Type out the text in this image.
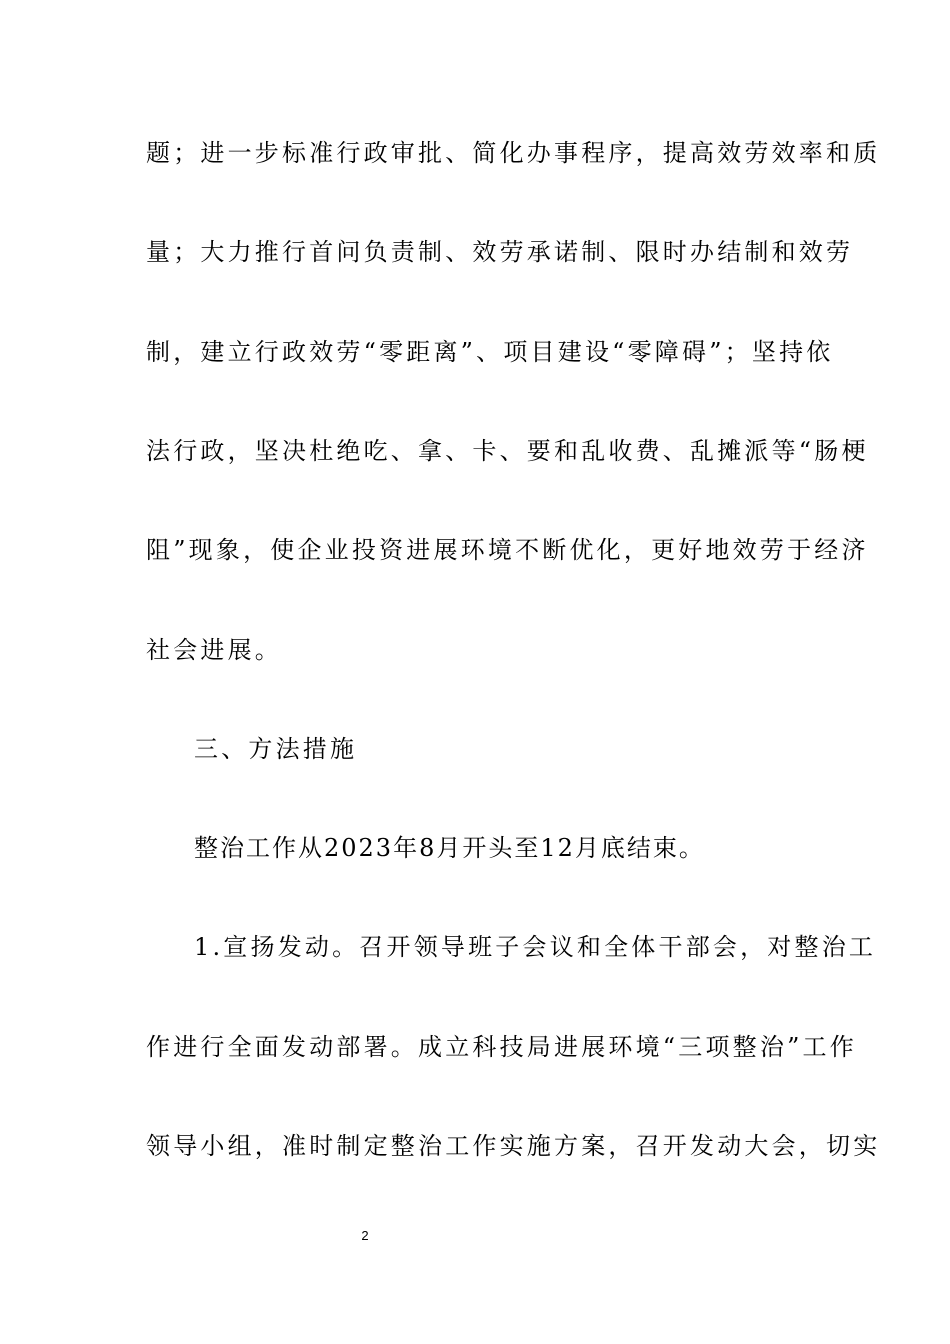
题；进一步标准行政审批、简化办事程序，提高效劳效率和质
量；大力推行首问负责制、效劳承诺制、限时办结制和效劳
制，建立行政效劳“零距离”、项目建设“零障碍”；坚持依
法行政，坚决杜绝吃、拿、卡、要和乱收费、乱摊派等“肠梗
阻”现象，使企业投资进展环境不断优化，更好地效劳于经济
社会进展。
三、方法措施
整治工作从2023年8月开头至12月底结束。
1.宣扬发动。召开领导班子会议和全体干部会，对整治工
作进行全面发动部署。成立科技局进展环境“三项整治”工作
领导小组，准时制定整治工作实施方案，召开发动大会，切实
2
